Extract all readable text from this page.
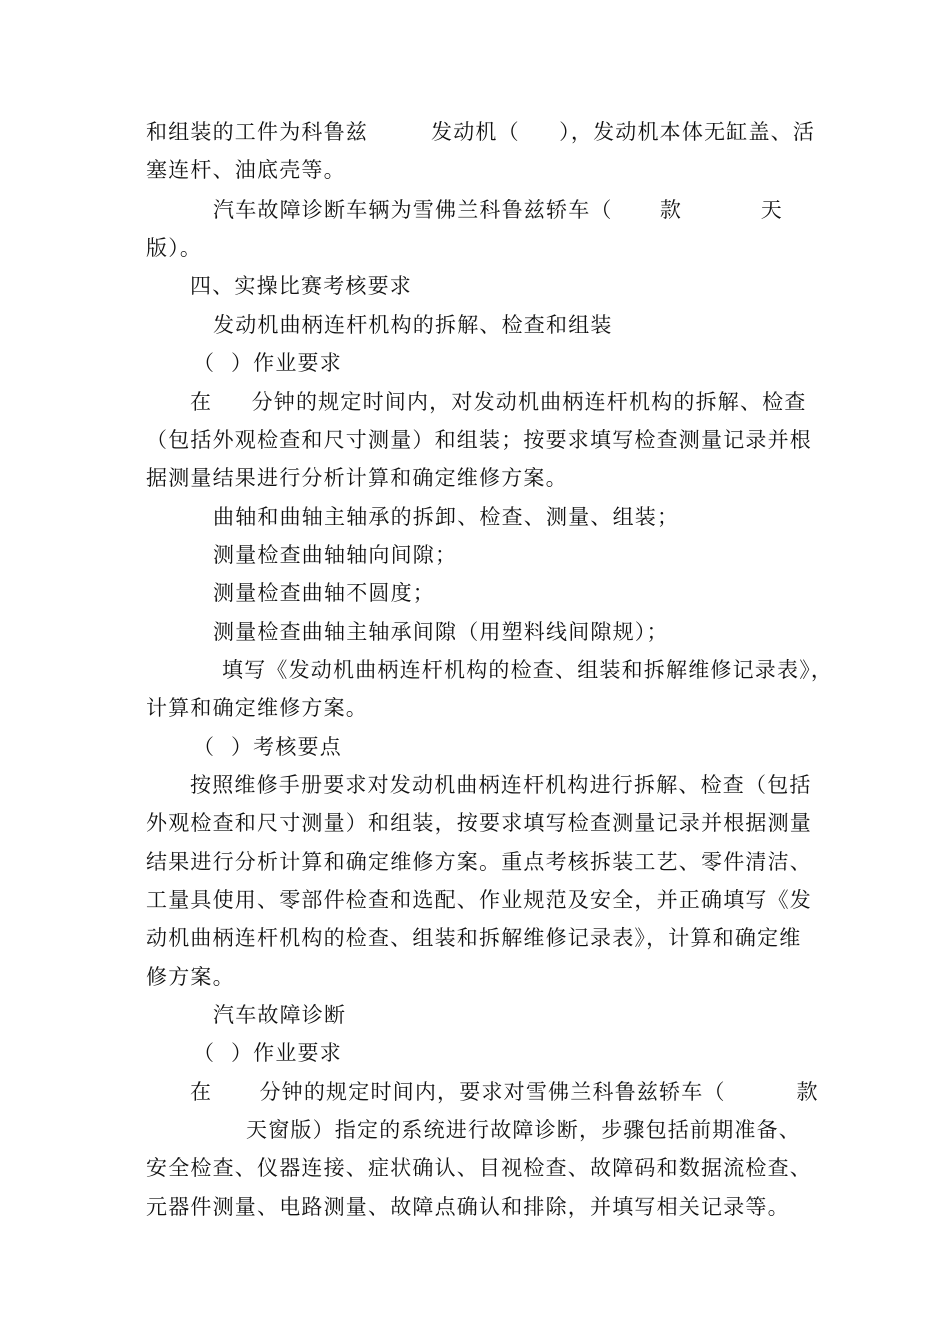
和组装的工件为科鲁兹        发动机（     ），发动机本体无缸盖、活
塞连杆、油底壳等。
汽车故障诊断车辆为雪佛兰科鲁兹轿车（      款          天
版）。
四、实操比赛考核要求
发动机曲柄连杆机构的拆解、检查和组装
（  ）作业要求
在     分钟的规定时间内，对发动机曲柄连杆机构的拆解、检查
（包括外观检查和尺寸测量）和组装；按要求填写检查测量记录并根
据测量结果进行分析计算和确定维修方案。
曲轴和曲轴主轴承的拆卸、检查、测量、组装；
测量检查曲轴轴向间隙；
测量检查曲轴不圆度；
测量检查曲轴主轴承间隙（用塑料线间隙规）；
填写《发动机曲柄连杆机构的检查、组装和拆解维修记录表》，
计算和确定维修方案。
（  ）考核要点
按照维修手册要求对发动机曲柄连杆机构进行拆解、检查（包括
外观检查和尺寸测量）和组装，按要求填写检查测量记录并根据测量
结果进行分析计算和确定维修方案。重点考核拆装工艺、零件清洁、
工量具使用、零部件检查和选配、作业规范及安全，并正确填写《发
动机曲柄连杆机构的检查、组装和拆解维修记录表》，计算和确定维
修方案。
汽车故障诊断
（  ）作业要求
在      分钟的规定时间内，要求对雪佛兰科鲁兹轿车（         款
天窗版）指定的系统进行故障诊断，步骤包括前期准备、
安全检查、仪器连接、症状确认、目视检查、故障码和数据流检查、
元器件测量、电路测量、故障点确认和排除，并填写相关记录等。
